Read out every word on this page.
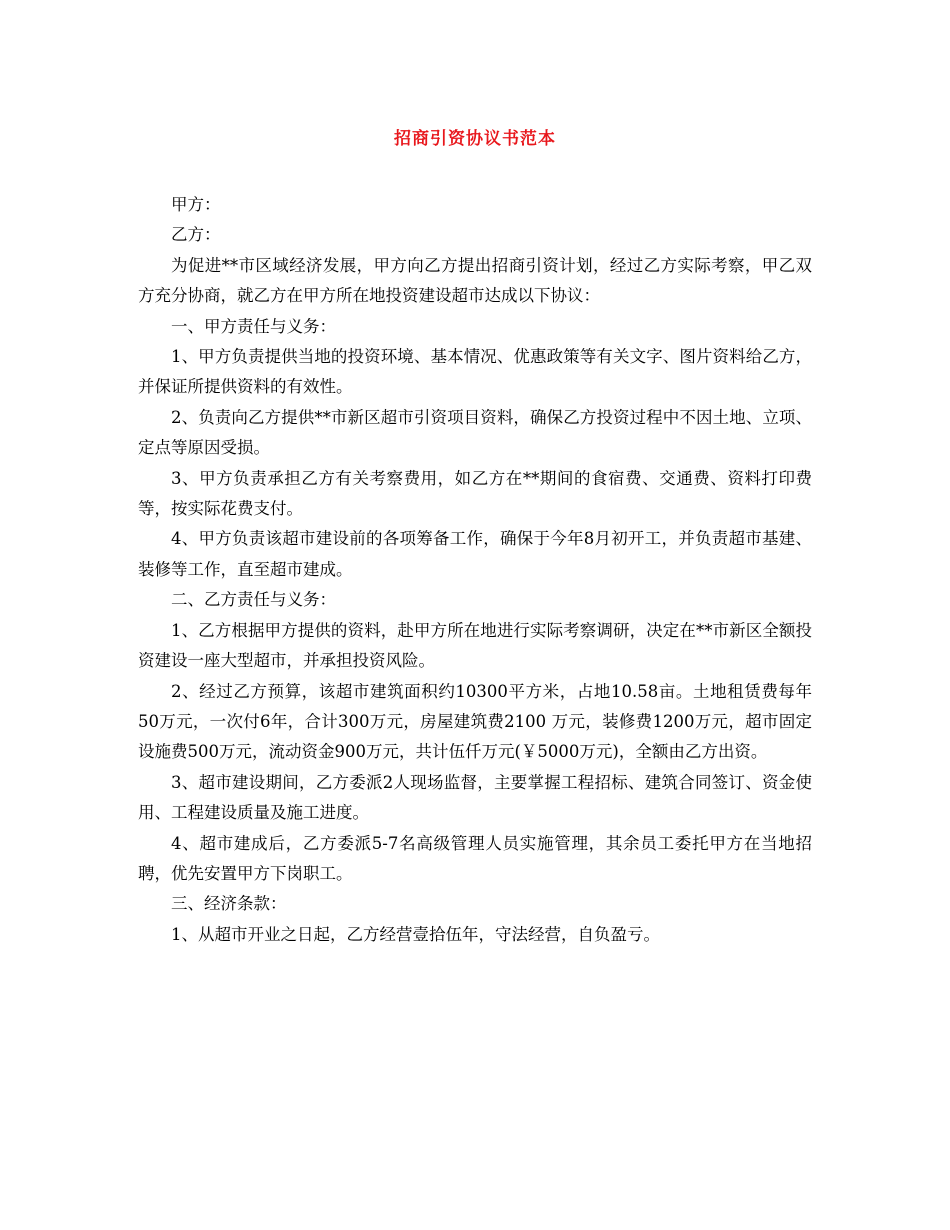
招商引资协议书范本

甲方：

乙方：

为促进**市区域经济发展，甲方向乙方提出招商引资计划，经过乙方实际考察，甲乙双方充分协商，就乙方在甲方所在地投资建设超市达成以下协议：

一、甲方责任与义务：

1、甲方负责提供当地的投资环境、基本情况、优惠政策等有关文字、图片资料给乙方，并保证所提供资料的有效性。

2、负责向乙方提供**市新区超市引资项目资料，确保乙方投资过程中不因土地、立项、定点等原因受损。

3、甲方负责承担乙方有关考察费用，如乙方在**期间的食宿费、交通费、资料打印费等，按实际花费支付。

4、甲方负责该超市建设前的各项筹备工作，确保于今年8月初开工，并负责超市基建、装修等工作，直至超市建成。

二、乙方责任与义务：

1、乙方根据甲方提供的资料，赴甲方所在地进行实际考察调研，决定在**市新区全额投资建设一座大型超市，并承担投资风险。

2、经过乙方预算，该超市建筑面积约10300平方米，占地10.58亩。土地租赁费每年50万元，一次付6年，合计300万元，房屋建筑费2100 万元，装修费1200万元，超市固定设施费500万元，流动资金900万元，共计伍仟万元(￥5000万元)，全额由乙方出资。

3、超市建设期间，乙方委派2人现场监督，主要掌握工程招标、建筑合同签订、资金使用、工程建设质量及施工进度。

4、超市建成后，乙方委派5-7名高级管理人员实施管理，其余员工委托甲方在当地招聘，优先安置甲方下岗职工。

三、经济条款：

1、从超市开业之日起，乙方经营壹拾伍年，守法经营，自负盈亏。
